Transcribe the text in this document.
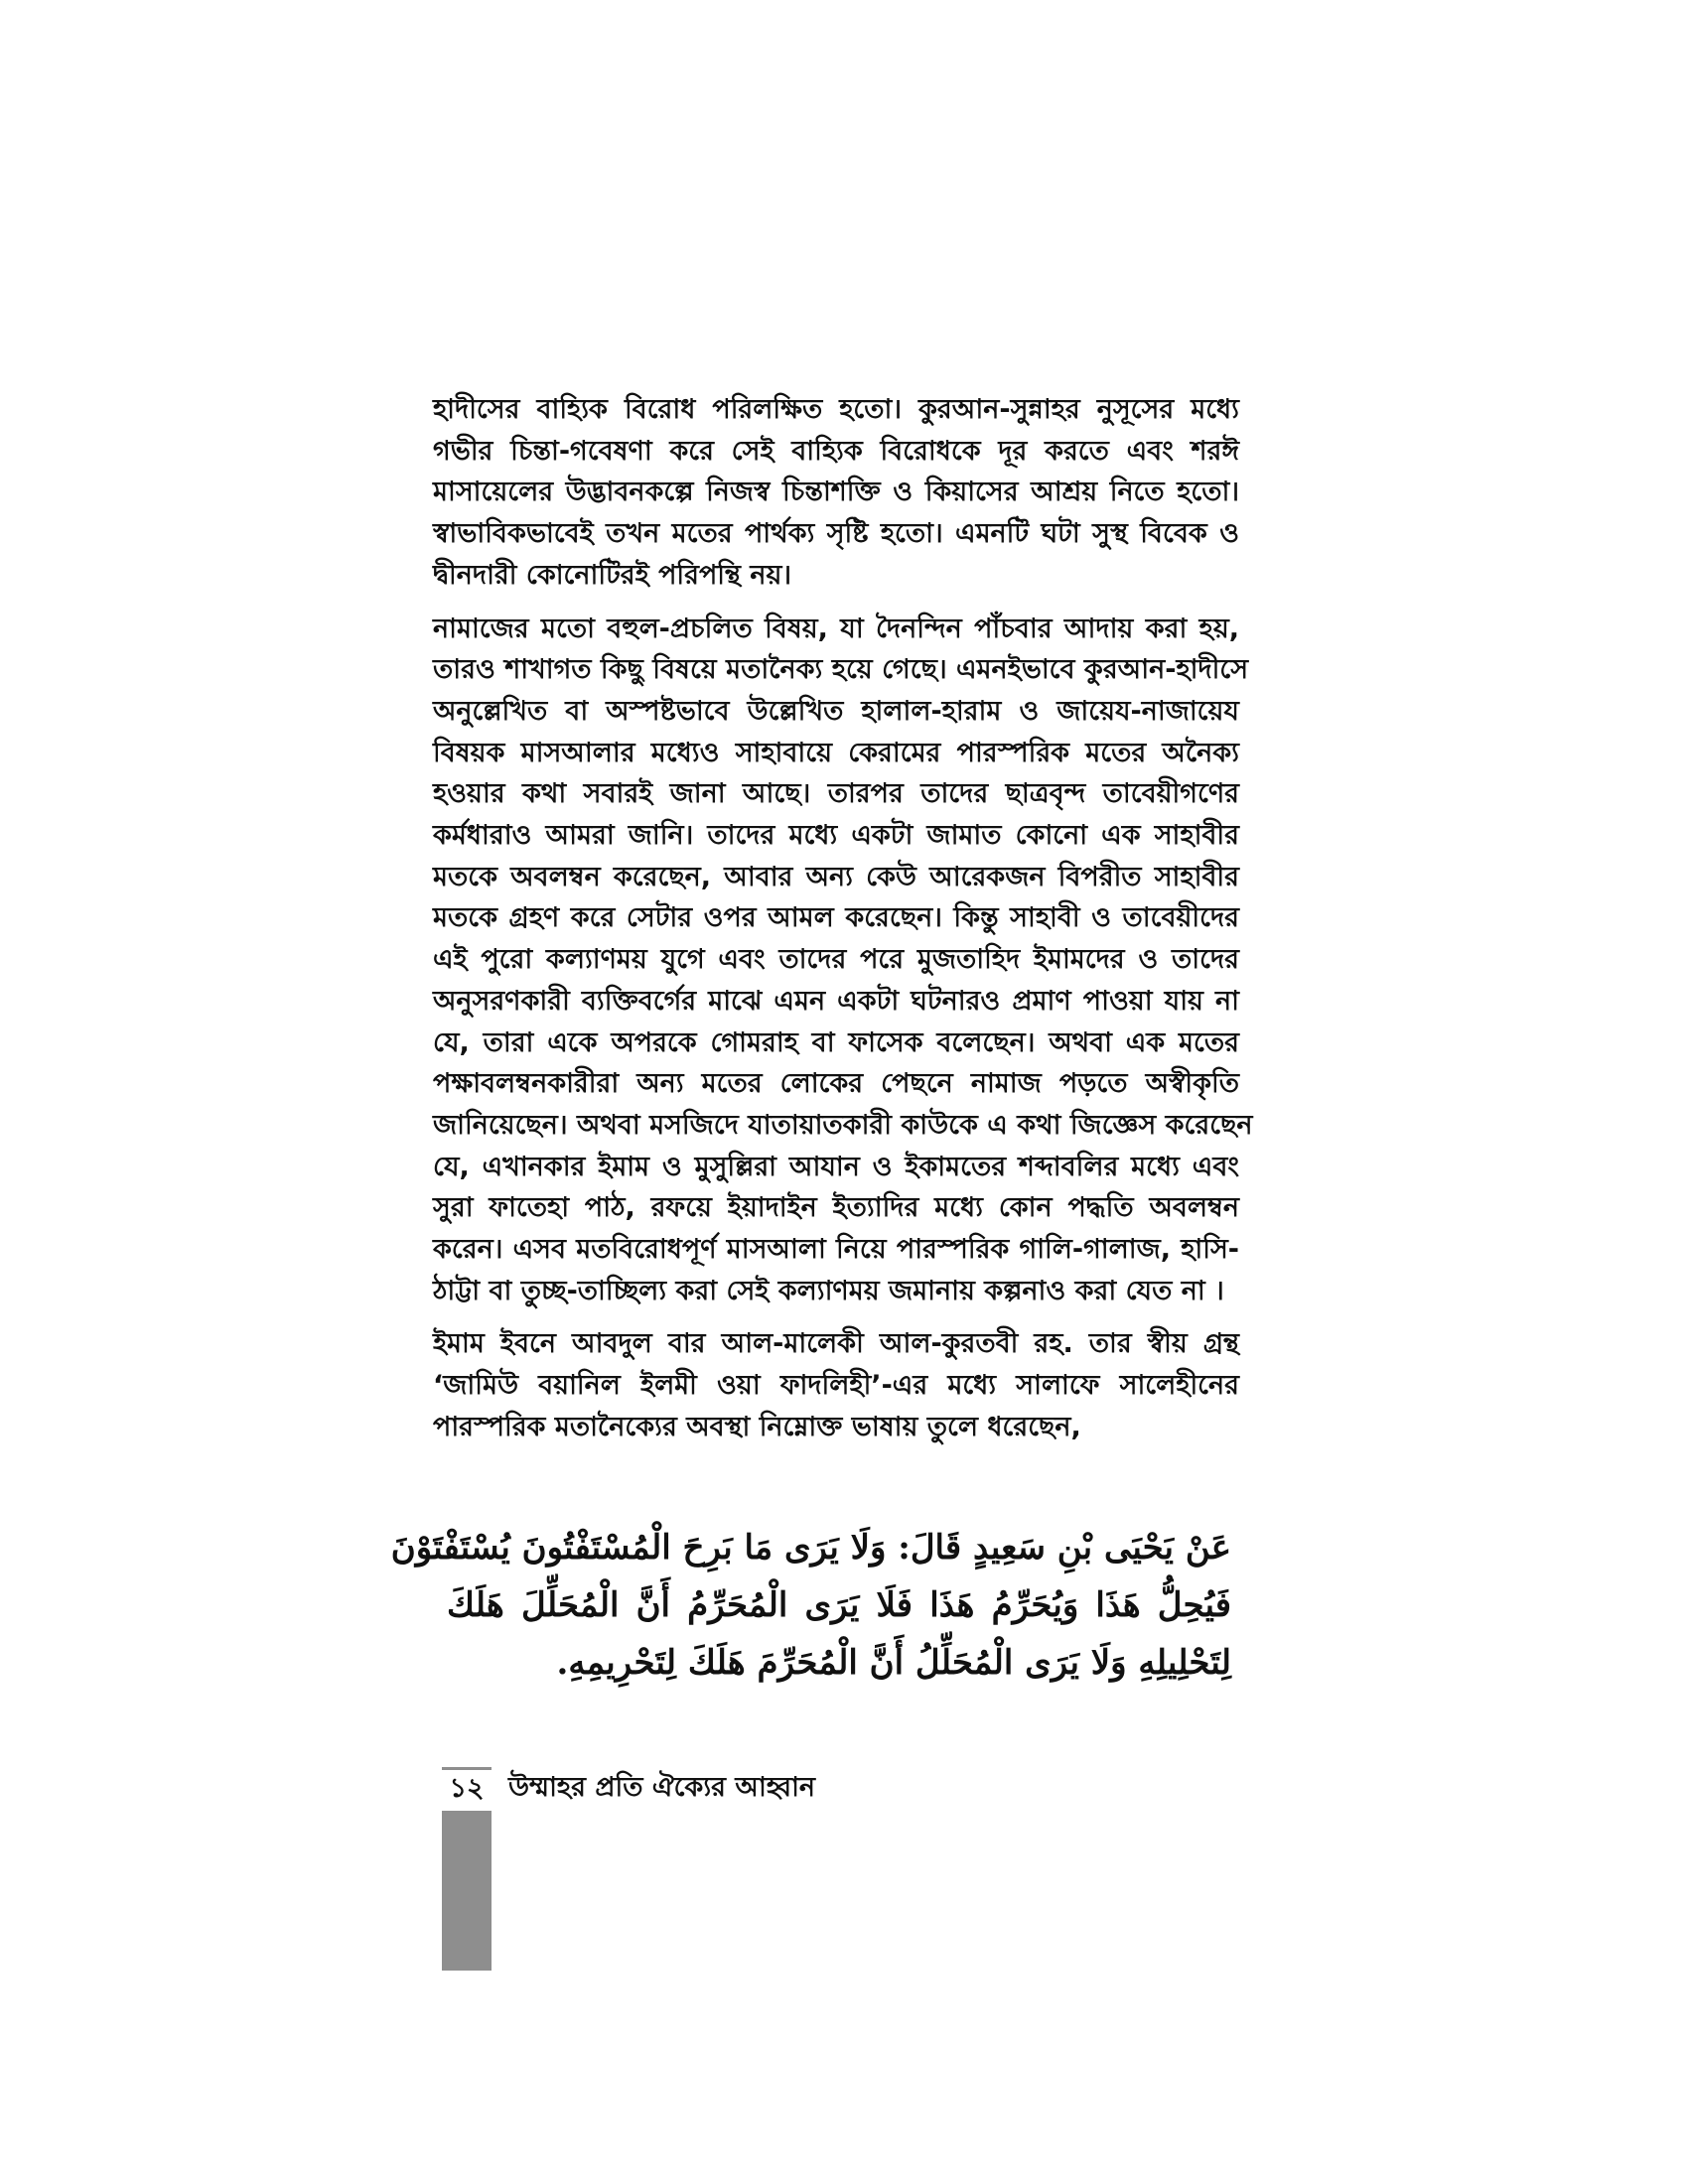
হাদীসের বাহ্যিক বিরোধ পরিলক্ষিত হতো। কুরআন-সুন্নাহর নুসূসের মধ্যে
গভীর চিন্তা-গবেষণা করে সেই বাহ্যিক বিরোধকে দূর করতে এবং শরঈ
মাসায়েলের উদ্ভাবনকল্পে নিজস্ব চিন্তাশক্তি ও কিয়াসের আশ্রয় নিতে হতো।
স্বাভাবিকভাবেই তখন মতের পার্থক্য সৃষ্টি হতো। এমনটি ঘটা সুস্থ বিবেক ও
দ্বীনদারী কোনোটিরই পরিপন্থি নয়।

নামাজের মতো বহুল-প্রচলিত বিষয়, যা দৈনন্দিন পাঁচবার আদায় করা হয়,
তারও শাখাগত কিছু বিষয়ে মতানৈক্য হয়ে গেছে। এমনইভাবে কুরআন-হাদীসে
অনুল্লেখিত বা অস্পষ্টভাবে উল্লেখিত হালাল-হারাম ও জায়েয-নাজায়েয
বিষয়ক মাসআলার মধ্যেও সাহাবায়ে কেরামের পারস্পরিক মতের অনৈক্য
হওয়ার কথা সবারই জানা আছে। তারপর তাদের ছাত্রবৃন্দ তাবেয়ীগণের
কর্মধারাও আমরা জানি। তাদের মধ্যে একটা জামাত কোনো এক সাহাবীর
মতকে অবলম্বন করেছেন, আবার অন্য কেউ আরেকজন বিপরীত সাহাবীর
মতকে গ্রহণ করে সেটার ওপর আমল করেছেন। কিন্তু সাহাবী ও তাবেয়ীদের
এই পুরো কল্যাণময় যুগে এবং তাদের পরে মুজতাহিদ ইমামদের ও তাদের
অনুসরণকারী ব্যক্তিবর্গের মাঝে এমন একটা ঘটনারও প্রমাণ পাওয়া যায় না
যে, তারা একে অপরকে গোমরাহ বা ফাসেক বলেছেন। অথবা এক মতের
পক্ষাবলম্বনকারীরা অন্য মতের লোকের পেছনে নামাজ পড়তে অস্বীকৃতি
জানিয়েছেন। অথবা মসজিদে যাতায়াতকারী কাউকে এ কথা জিজ্ঞেস করেছেন
যে, এখানকার ইমাম ও মুসুল্লিরা আযান ও ইকামতের শব্দাবলির মধ্যে এবং
সুরা ফাতেহা পাঠ, রফয়ে ইয়াদাইন ইত্যাদির মধ্যে কোন পদ্ধতি অবলম্বন
করেন। এসব মতবিরোধপূর্ণ মাসআলা নিয়ে পারস্পরিক গালি-গালাজ, হাসি-
ঠাট্টা বা তুচ্ছ-তাচ্ছিল্য করা সেই কল্যাণময় জমানায় কল্পনাও করা যেত না ।

ইমাম ইবনে আবদুল বার আল-মালেকী আল-কুরতবী রহ. তার স্বীয় গ্রন্থ
‘জামিউ বয়ানিল ইলমী ওয়া ফাদলিহী’-এর মধ্যে সালাফে সালেহীনের
পারস্পরিক মতানৈক্যের অবস্থা নিম্নোক্ত ভাষায় তুলে ধরেছেন,

عَنْ يَحْيَى بْنِ سَعِيدٍ قَالَ: وَلَا يَرَى مَا بَرِحَ الْمُسْتَفْتُونَ يُسْتَفْتَوْنَ
فَيُحِلُّ هَذَا وَيُحَرِّمُ هَذَا فَلَا يَرَى الْمُحَرِّمُ أَنَّ الْمُحَلِّلَ هَلَكَ
لِتَحْلِيلِهِ وَلَا يَرَى الْمُحَلِّلُ أَنَّ الْمُحَرِّمَ هَلَكَ لِتَحْرِيمِهِ.
১২ উম্মাহর প্রতি ঐক্যের আহ্বান
